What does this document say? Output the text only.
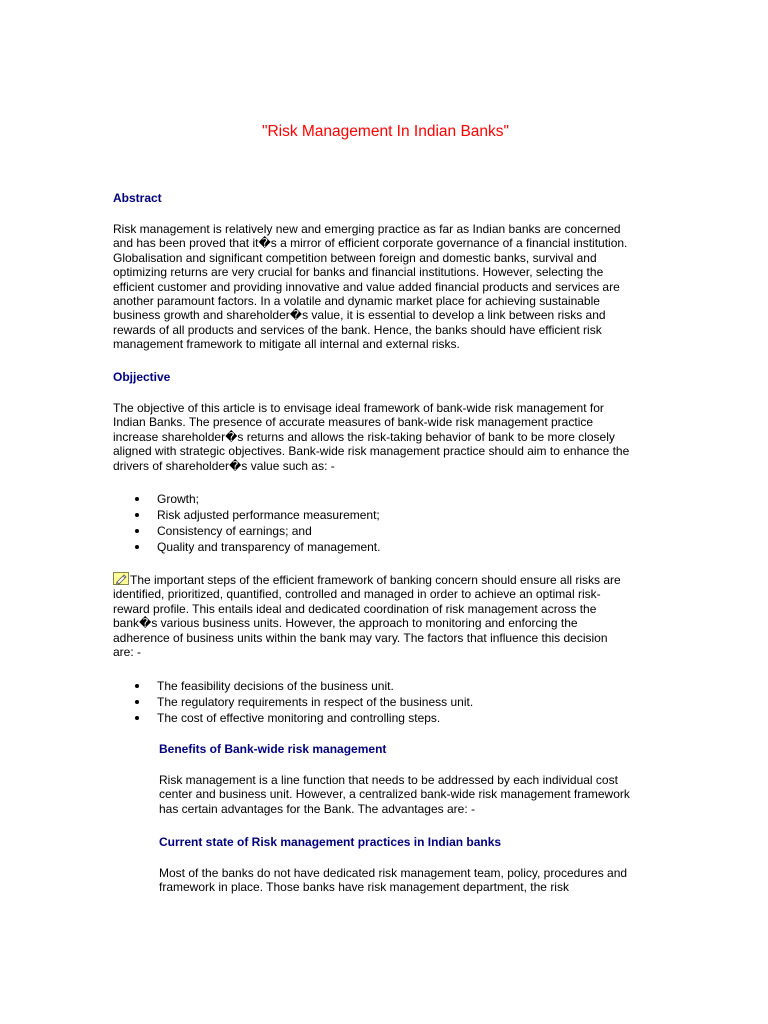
"Risk Management In Indian Banks"
Abstract
Risk management is relatively new and emerging practice as far as Indian banks are concerned
and has been proved that it�s a mirror of efficient corporate governance of a financial institution.
Globalisation and significant competition between foreign and domestic banks, survival and
optimizing returns are very crucial for banks and financial institutions. However, selecting the
efficient customer and providing innovative and value added financial products and services are
another paramount factors. In a volatile and dynamic market place for achieving sustainable
business growth and shareholder�s value, it is essential to develop a link between risks and
rewards of all products and services of the bank. Hence, the banks should have efficient risk
management framework to mitigate all internal and external risks.
Objjective
The objective of this article is to envisage ideal framework of bank-wide risk management for
Indian Banks. The presence of accurate measures of bank-wide risk management practice
increase shareholder�s returns and allows the risk-taking behavior of bank to be more closely
aligned with strategic objectives. Bank-wide risk management practice should aim to enhance the
drivers of shareholder�s value such as: -
Growth;
Risk adjusted performance measurement;
Consistency of earnings; and
Quality and transparency of management.
The important steps of the efficient framework of banking concern should ensure all risks are
identified, prioritized, quantified, controlled and managed in order to achieve an optimal risk-
reward profile. This entails ideal and dedicated coordination of risk management across the
bank�s various business units. However, the approach to monitoring and enforcing the
adherence of business units within the bank may vary. The factors that influence this decision
are: -
The feasibility decisions of the business unit.
The regulatory requirements in respect of the business unit.
The cost of effective monitoring and controlling steps.
Benefits of Bank-wide risk management
Risk management is a line function that needs to be addressed by each individual cost
center and business unit. However, a centralized bank-wide risk management framework
has certain advantages for the Bank. The advantages are: -
Current state of Risk management practices in Indian banks
Most of the banks do not have dedicated risk management team, policy, procedures and
framework in place. Those banks have risk management department, the risk
